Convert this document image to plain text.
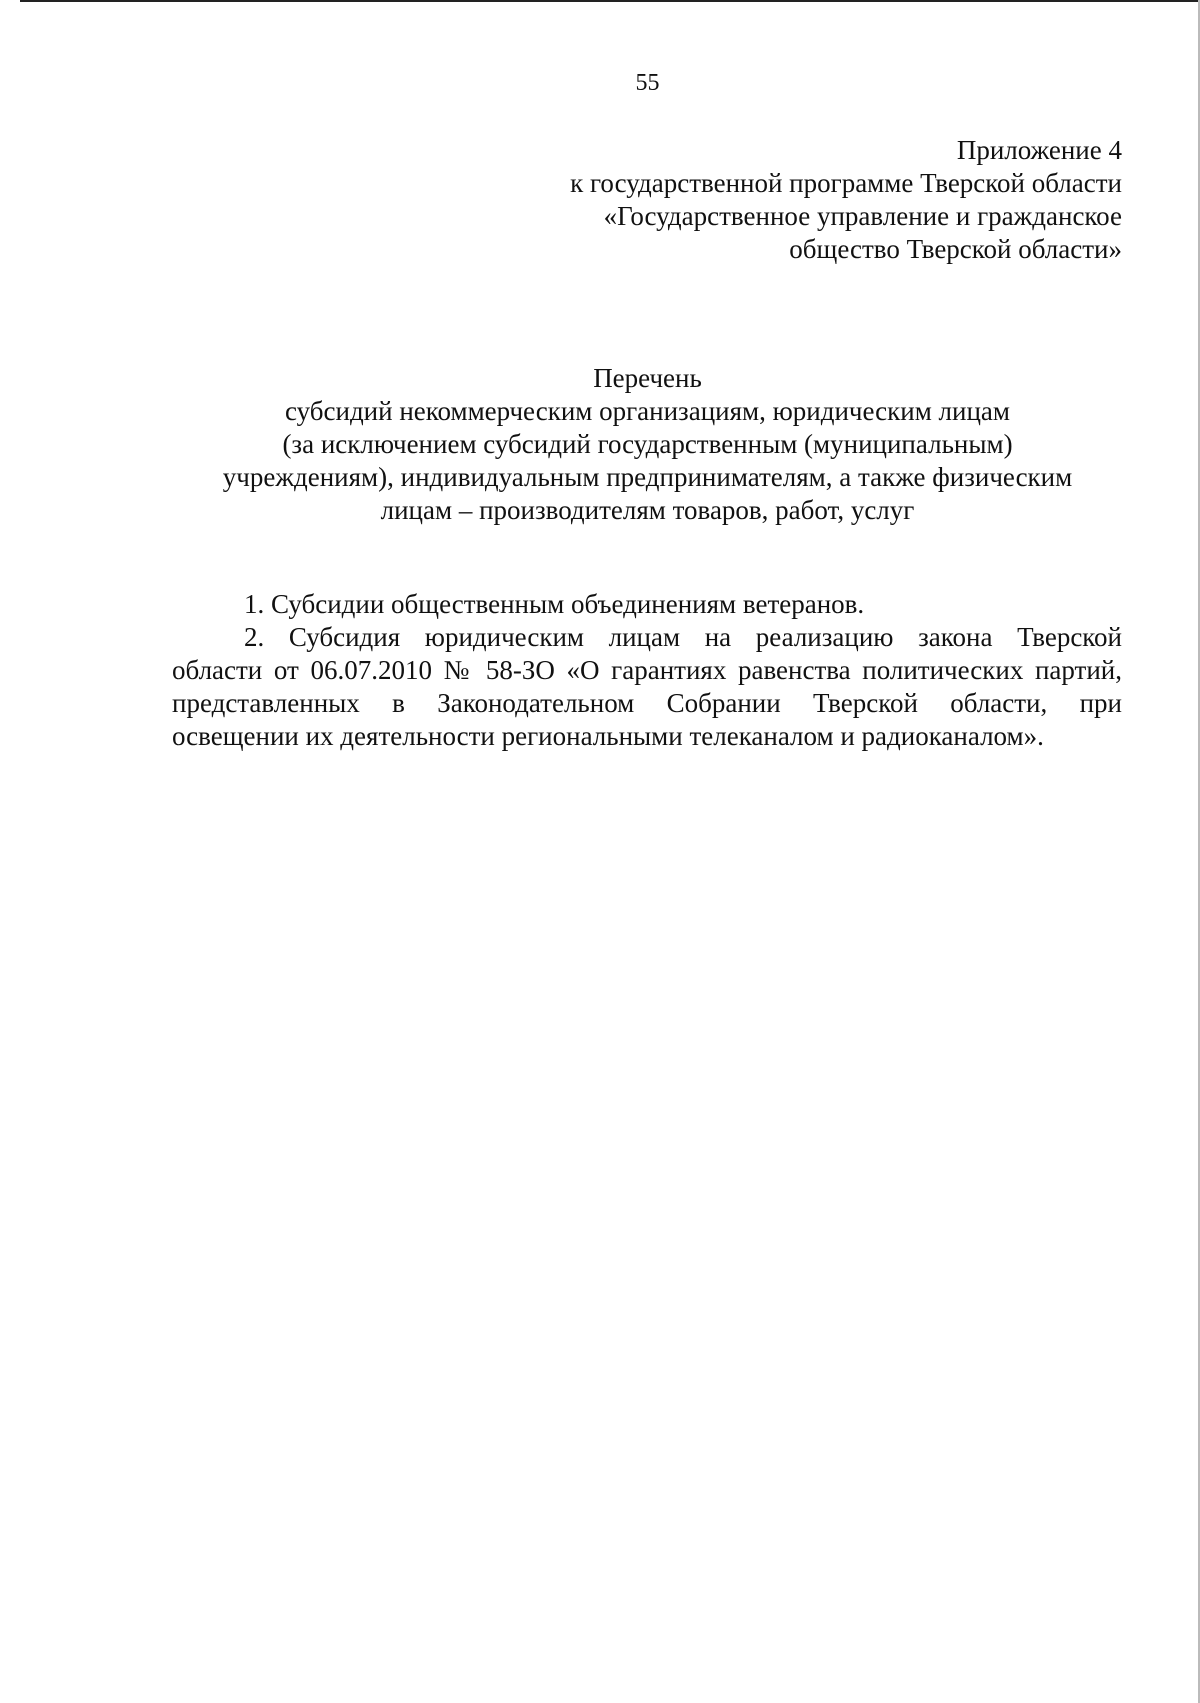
55
Приложение 4
к государственной программе Тверской области
«Государственное управление и гражданское
общество Тверской области»
Перечень
субсидий некоммерческим организациям, юридическим лицам
(за исключением субсидий государственным (муниципальным)
учреждениям), индивидуальным предпринимателям, а также физическим
лицам – производителям товаров, работ, услуг

1. Субсидии общественным объединениям ветеранов.

2. Субсидия юридическим лицам на реализацию закона Тверской
области от 06.07.2010 № 58-ЗО «О гарантиях равенства политических партий,
представленных в Законодательном Собрании Тверской области, при
освещении их деятельности региональными телеканалом и радиоканалом».
